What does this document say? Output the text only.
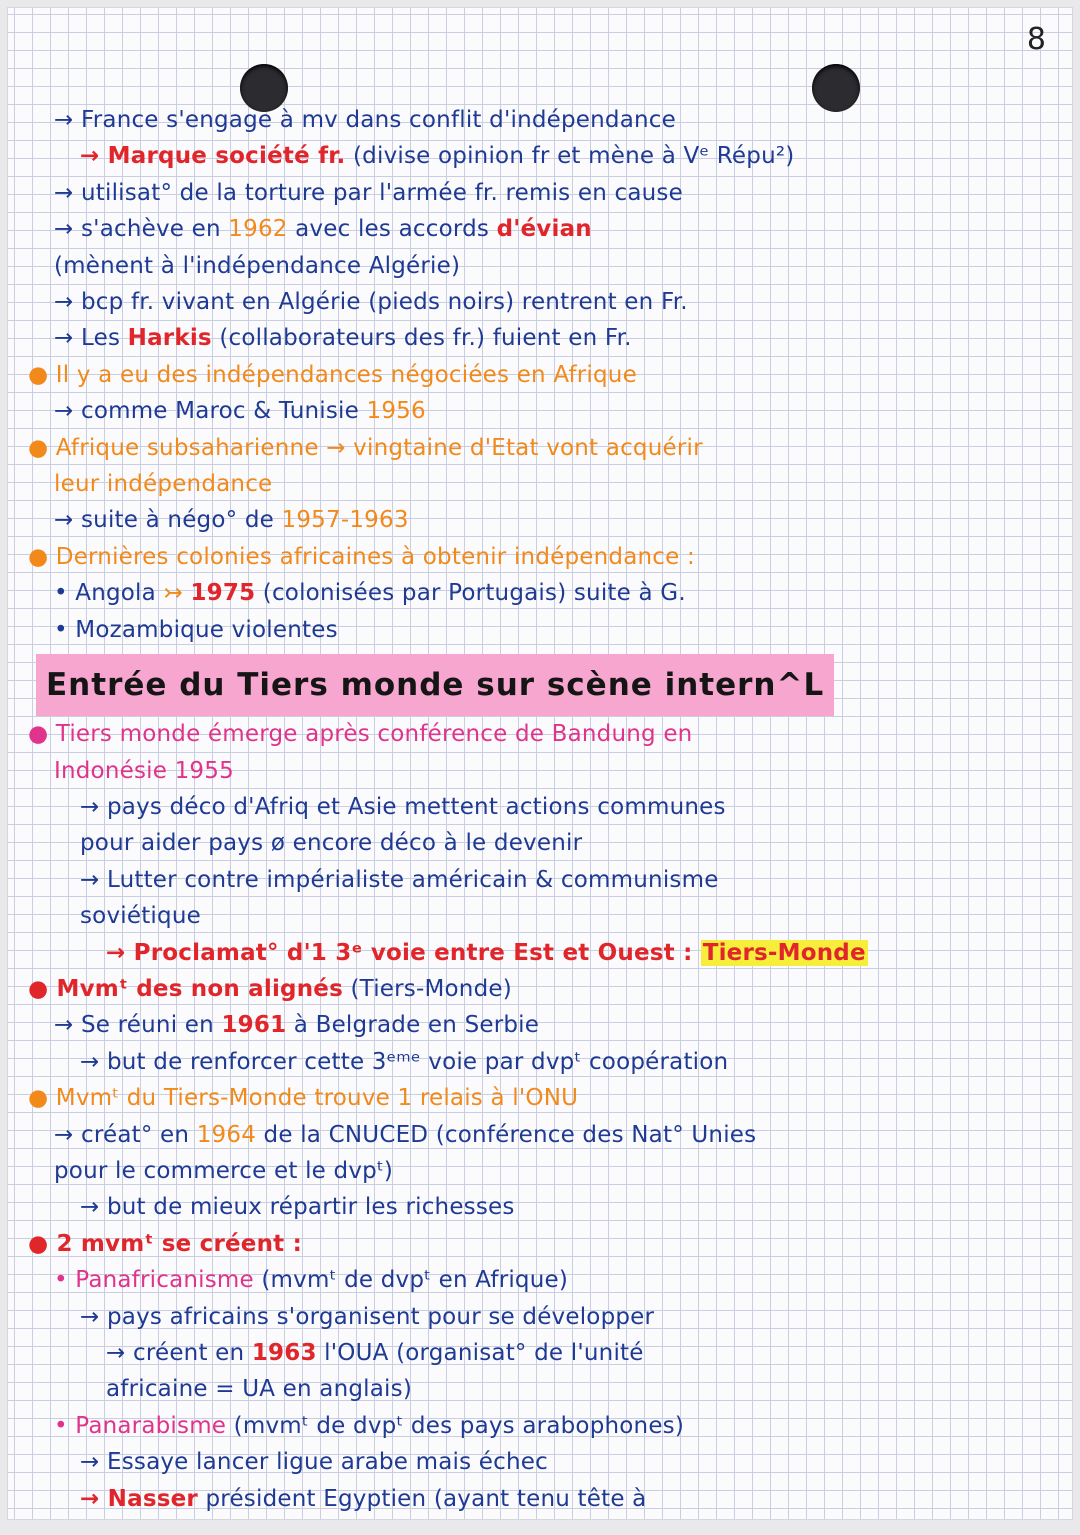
8
→ France s'engage à mv dans conflit d'indépendance
→ Marque société fr. (divise opinion fr et mène à Vᵉ Répu²)
→ utilisat° de la torture par l'armée fr. remis en cause
→ s'achève en 1962 avec les accords d'évian
(mènent à l'indépendance Algérie)
→ bcp fr. vivant en Algérie (pieds noirs) rentrent en Fr.
→ Les Harkis (collaborateurs des fr.) fuient en Fr.
● Il y a eu des indépendances négociées en Afrique
→ comme Maroc & Tunisie 1956
● Afrique subsaharienne → vingtaine d'Etat vont acquérir
leur indépendance
→ suite à négo° de 1957-1963
● Dernières colonies africaines à obtenir indépendance :
• Angola ↣ 1975 (colonisées par Portugais) suite à G.
• Mozambique violentes
Entrée du Tiers monde sur scène intern^L
● Tiers monde émerge après conférence de Bandung en
Indonésie 1955
→ pays déco d'Afriq et Asie mettent actions communes
pour aider pays ø encore déco à le devenir
→ Lutter contre impérialiste américain & communisme
soviétique
→ Proclamat° d'1 3ᵉ voie entre Est et Ouest : Tiers-Monde
● Mvmᵗ des non alignés (Tiers-Monde)
→ Se réuni en 1961 à Belgrade en Serbie
→ but de renforcer cette 3ᵉᵐᵉ voie par dvpᵗ coopération
● Mvmᵗ du Tiers-Monde trouve 1 relais à l'ONU
→ créat° en 1964 de la CNUCED (conférence des Nat° Unies
pour le commerce et le dvpᵗ)
→ but de mieux répartir les richesses
● 2 mvmᵗ se créent :
• Panafricanisme (mvmᵗ de dvpᵗ en Afrique)
→ pays africains s'organisent pour se développer
→ créent en 1963 l'OUA (organisat° de l'unité
africaine = UA en anglais)
• Panarabisme (mvmᵗ de dvpᵗ des pays arabophones)
→ Essaye lancer ligue arabe mais échec
→ Nasser président Egyptien (ayant tenu tête à
